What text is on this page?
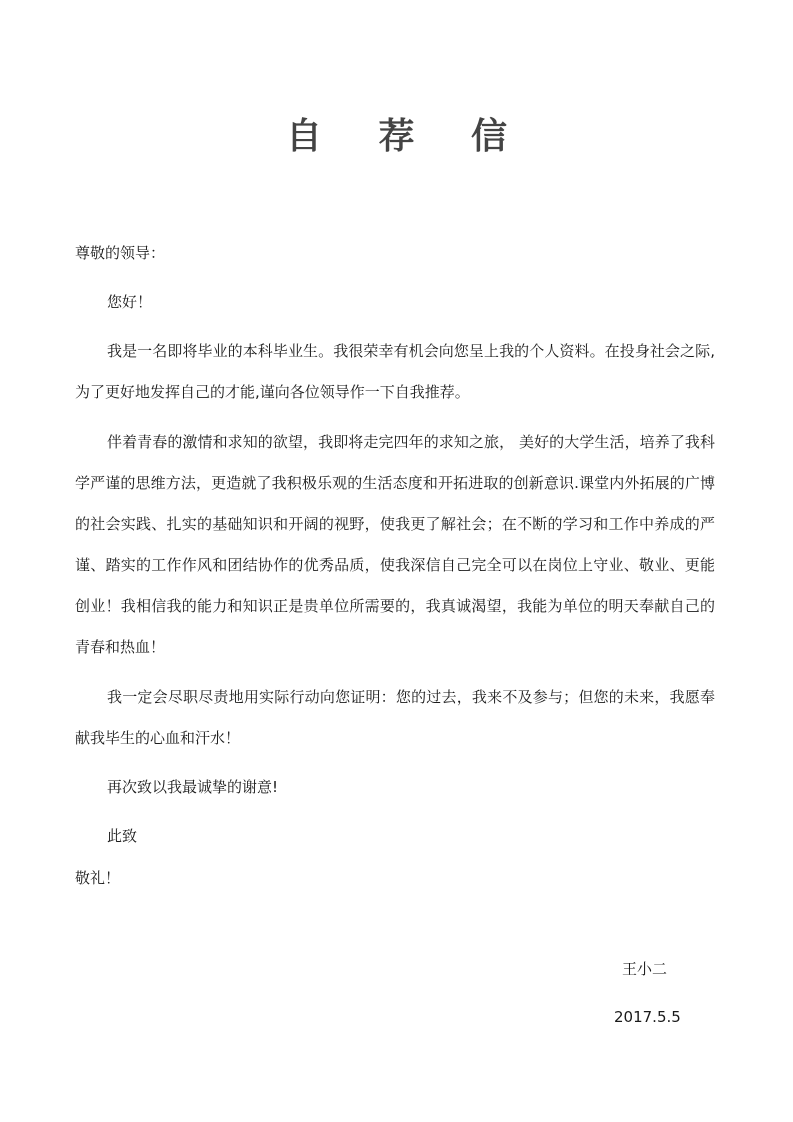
自 荐 信
尊敬的领导：

您好！

我是一名即将毕业的本科毕业生。我很荣幸有机会向您呈上我的个人资料。在投身社会之际,为了更好地发挥自己的才能,谨向各位领导作一下自我推荐。

伴着青春的激情和求知的欲望，我即将走完四年的求知之旅， 美好的大学生活，培养了我科学严谨的思维方法，更造就了我积极乐观的生活态度和开拓进取的创新意识.课堂内外拓展的广博的社会实践、扎实的基础知识和开阔的视野，使我更了解社会；在不断的学习和工作中养成的严谨、踏实的工作作风和团结协作的优秀品质，使我深信自己完全可以在岗位上守业、敬业、更能创业！我相信我的能力和知识正是贵单位所需要的，我真诚渴望，我能为单位的明天奉献自己的青春和热血！

我一定会尽职尽责地用实际行动向您证明：您的过去，我来不及参与；但您的未来，我愿奉献我毕生的心血和汗水！

再次致以我最诚挚的谢意!

此致

敬礼！
王小二
2017.5.5
